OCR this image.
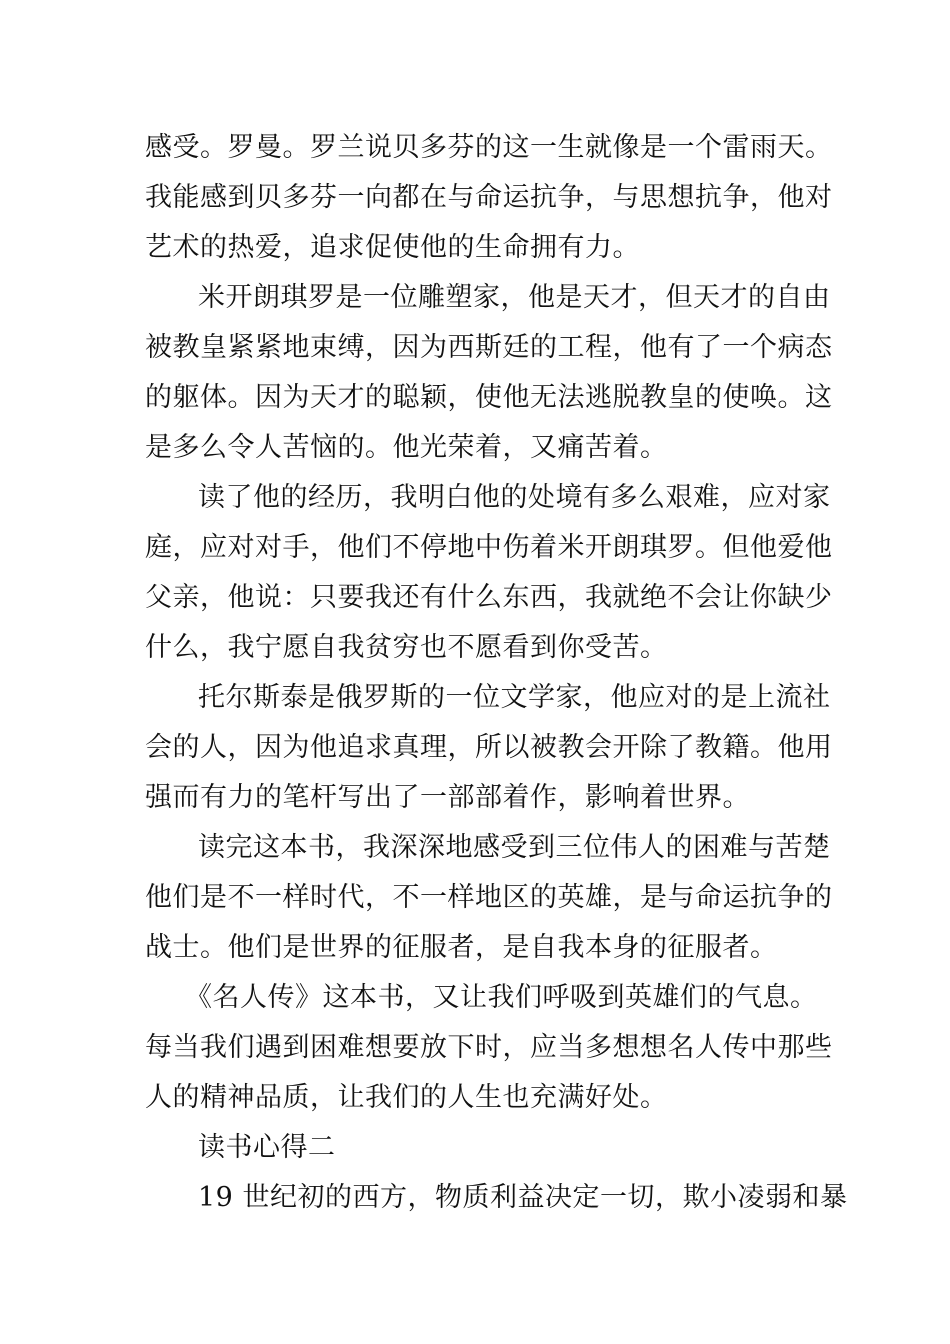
感受。罗曼。罗兰说贝多芬的这一生就像是一个雷雨天。
我能感到贝多芬一向都在与命运抗争，与思想抗争，他对
艺术的热爱，追求促使他的生命拥有力。
米开朗琪罗是一位雕塑家，他是天才，但天才的自由
被教皇紧紧地束缚，因为西斯廷的工程，他有了一个病态
的躯体。因为天才的聪颖，使他无法逃脱教皇的使唤。这
是多么令人苦恼的。他光荣着，又痛苦着。
读了他的经历，我明白他的处境有多么艰难，应对家
庭，应对对手，他们不停地中伤着米开朗琪罗。但他爱他
父亲，他说：只要我还有什么东西，我就绝不会让你缺少
什么，我宁愿自我贫穷也不愿看到你受苦。
托尔斯泰是俄罗斯的一位文学家，他应对的是上流社
会的人，因为他追求真理，所以被教会开除了教籍。他用
强而有力的笔杆写出了一部部着作，影响着世界。
读完这本书，我深深地感受到三位伟人的困难与苦楚
他们是不一样时代，不一样地区的英雄，是与命运抗争的
战士。他们是世界的征服者，是自我本身的征服者。
《名人传》这本书，又让我们呼吸到英雄们的气息。
每当我们遇到困难想要放下时，应当多想想名人传中那些
人的精神品质，让我们的人生也充满好处。
读书心得二
19 世纪初的西方，物质利益决定一切，欺小凌弱和暴
